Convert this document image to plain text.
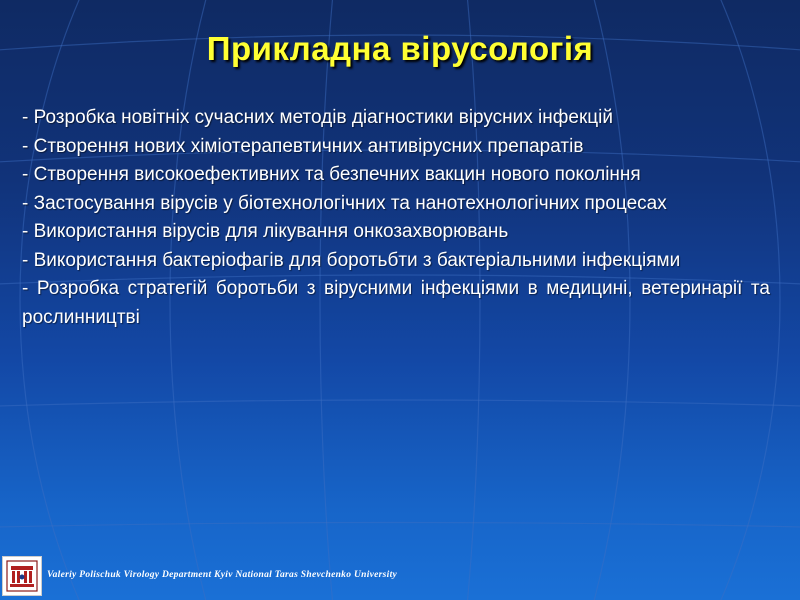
Прикладна вірусологія

- Розробка новітніх сучасних методів діагностики вірусних інфекцій

- Створення нових хіміотерапевтичних антивірусних препаратів

- Створення високоефективних та безпечних вакцин нового покоління

- Застосування вірусів у біотехнологічних та нанотехнологічних процесах

- Використання вірусів для лікування онкозахворювань

- Використання бактеріофагів для боротьбти з бактеріальними інфекціями

- Розробка стратегій боротьби з вірусними інфекціями в медицині, ветеринарії та рослинництві

Valeriy Polischuk Virology Department Kyiv National Taras Shevchenko University
